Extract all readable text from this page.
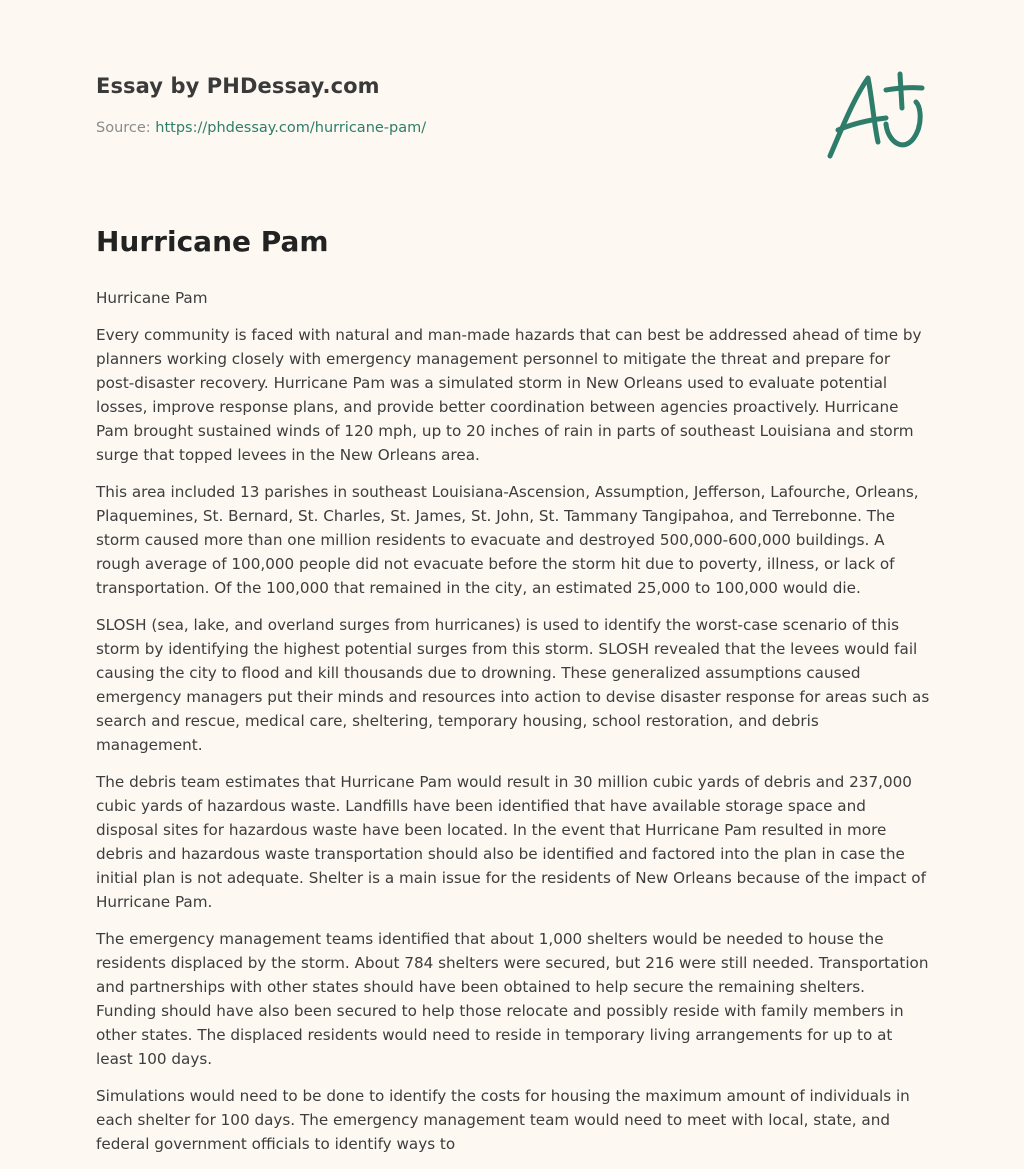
Essay by PHDessay.com
Source: https://phdessay.com/hurricane-pam/
Hurricane Pam

Hurricane Pam

Every community is faced with natural and man-made hazards that can best be addressed ahead of time by planners working closely with emergency management personnel to mitigate the threat and prepare for post-disaster recovery. Hurricane Pam was a simulated storm in New Orleans used to evaluate potential losses, improve response plans, and provide better coordination between agencies proactively. Hurricane Pam brought sustained winds of 120 mph, up to 20 inches of rain in parts of southeast Louisiana and storm surge that topped levees in the New Orleans area.

This area included 13 parishes in southeast Louisiana-Ascension, Assumption, Jefferson, Lafourche, Orleans, Plaquemines, St. Bernard, St. Charles, St. James, St. John, St. Tammany Tangipahoa, and Terrebonne. The storm caused more than one million residents to evacuate and destroyed 500,000-600,000 buildings. A rough average of 100,000 people did not evacuate before the storm hit due to poverty, illness, or lack of transportation. Of the 100,000 that remained in the city, an estimated 25,000 to 100,000 would die.

SLOSH (sea, lake, and overland surges from hurricanes) is used to identify the worst-case scenario of this storm by identifying the highest potential surges from this storm. SLOSH revealed that the levees would fail causing the city to flood and kill thousands due to drowning. These generalized assumptions caused emergency managers put their minds and resources into action to devise disaster response for areas such as search and rescue, medical care, sheltering, temporary housing, school restoration, and debris management.

The debris team estimates that Hurricane Pam would result in 30 million cubic yards of debris and 237,000 cubic yards of hazardous waste. Landfills have been identified that have available storage space and disposal sites for hazardous waste have been located. In the event that Hurricane Pam resulted in more debris and hazardous waste transportation should also be identified and factored into the plan in case the initial plan is not adequate. Shelter is a main issue for the residents of New Orleans because of the impact of Hurricane Pam.

The emergency management teams identified that about 1,000 shelters would be needed to house the residents displaced by the storm. About 784 shelters were secured, but 216 were still needed. Transportation and partnerships with other states should have been obtained to help secure the remaining shelters. Funding should have also been secured to help those relocate and possibly reside with family members in other states. The displaced residents would need to reside in temporary living arrangements for up to at least 100 days.

Simulations would need to be done to identify the costs for housing the maximum amount of individuals in each shelter for 100 days. The emergency management team would need to meet with local, state, and federal government officials to identify ways to
